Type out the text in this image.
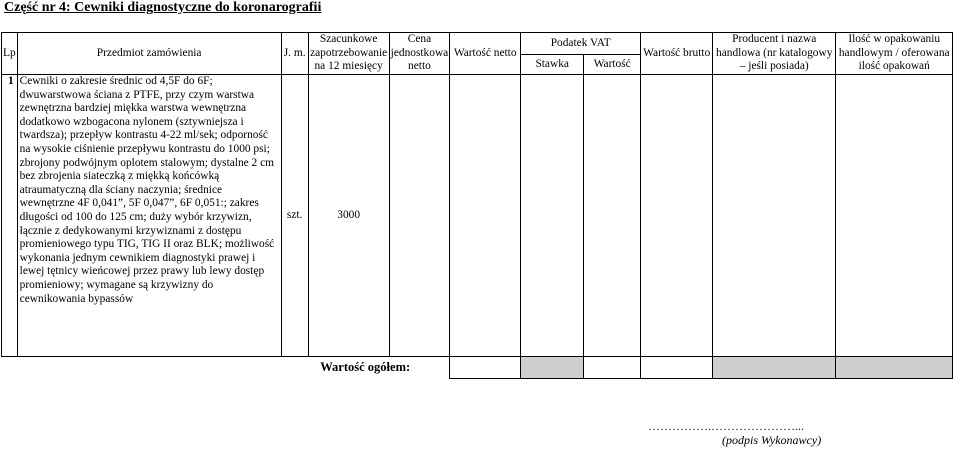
Część nr 4: Cewniki diagnostyczne do koronarografii
Lp	Przedmiot zamówienia	J. m.	Szacunkowe zapotrzebowanie na 12 miesięcy	Cena jednostkowa netto	Wartość netto	Podatek VAT		Wartość brutto	Producent i nazwa handlowa (nr katalogowy – jeśli posiada)	Ilość w opakowaniu handlowym / oferowana ilość opakowań
						Stawka	Wartość			
1	Cewniki o zakresie średnic od 4,5F do 6F; dwuwarstwowa ściana z PTFE, przy czym warstwa zewnętrzna bardziej miękka warstwa wewnętrzna dodatkowo wzbogacona nylonem (sztywniejsza i twardsza); przepływ kontrastu 4-22 ml/sek; odporność na wysokie ciśnienie przepływu kontrastu do 1000 psi; zbrojony podwójnym oplotem stalowym; dystalne 2 cm bez zbrojenia siateczką z miękką końcówką atraumatyczną dla ściany naczynia; średnice wewnętrzne 4F 0,041”, 5F 0,047”, 6F 0,051:; zakres długości od 100 do 125 cm; duży wybór krzywizn, łącznie z dedykowanymi krzywiznami z dostępu promieniowego typu TIG, TIG II oraz BLK; możliwość wykonania jednym cewnikiem diagnostyki prawej i lewej tętnicy wieńcowej przez prawy lub lewy dostęp promieniowy; wymagane są krzywizny do cewnikowania bypassów	szt.	3000							
		Wartość ogółem:								
…………….…………………...
(podpis Wykonawcy)
